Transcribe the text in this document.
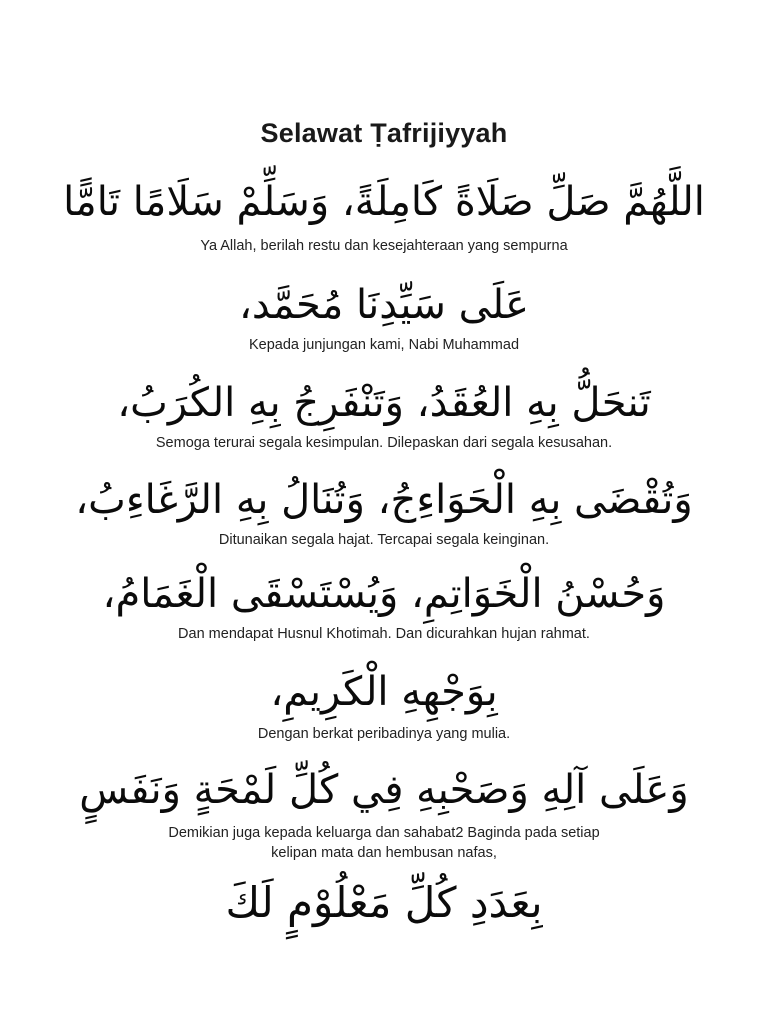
Selawat Ṭafrijiyyah
اللَّهُمَّ صَلِّ صَلَاةً كَامِلَةً، وَسَلِّمْ سَلَامًا تَامًّا
Ya Allah, berilah restu dan kesejahteraan yang sempurna
عَلَى سَيِّدِنَا مُحَمَّد،
Kepada junjungan kami, Nabi Muhammad
تَنحَلُّ بِهِ العُقَدُ، وَتَنْفَرِجُ بِهِ الكُرَبُ،
Semoga terurai segala kesimpulan. Dilepaskan dari segala kesusahan.
وَتُقْضَى بِهِ الْحَوَاءِجُ، وَتُنَالُ بِهِ الرَّغَاءِبُ،
Ditunaikan segala hajat. Tercapai segala keinginan.
وَحُسْنُ الْخَوَاتِمِ، وَيُسْتَسْقَى الْغَمَامُ،
Dan mendapat Husnul Khotimah. Dan dicurahkan hujan rahmat.
بِوَجْهِهِ الْكَرِيمِ،
Dengan berkat peribadinya yang mulia.
وَعَلَى آلِهِ وَصَحْبِهِ فِي كُلِّ لَمْحَةٍ وَنَفَسٍ
Demikian juga kepada keluarga dan sahabat2 Baginda pada setiap
kelipan mata dan hembusan nafas,
بِعَدَدِ كُلِّ مَعْلُوْمٍ لَكَ
